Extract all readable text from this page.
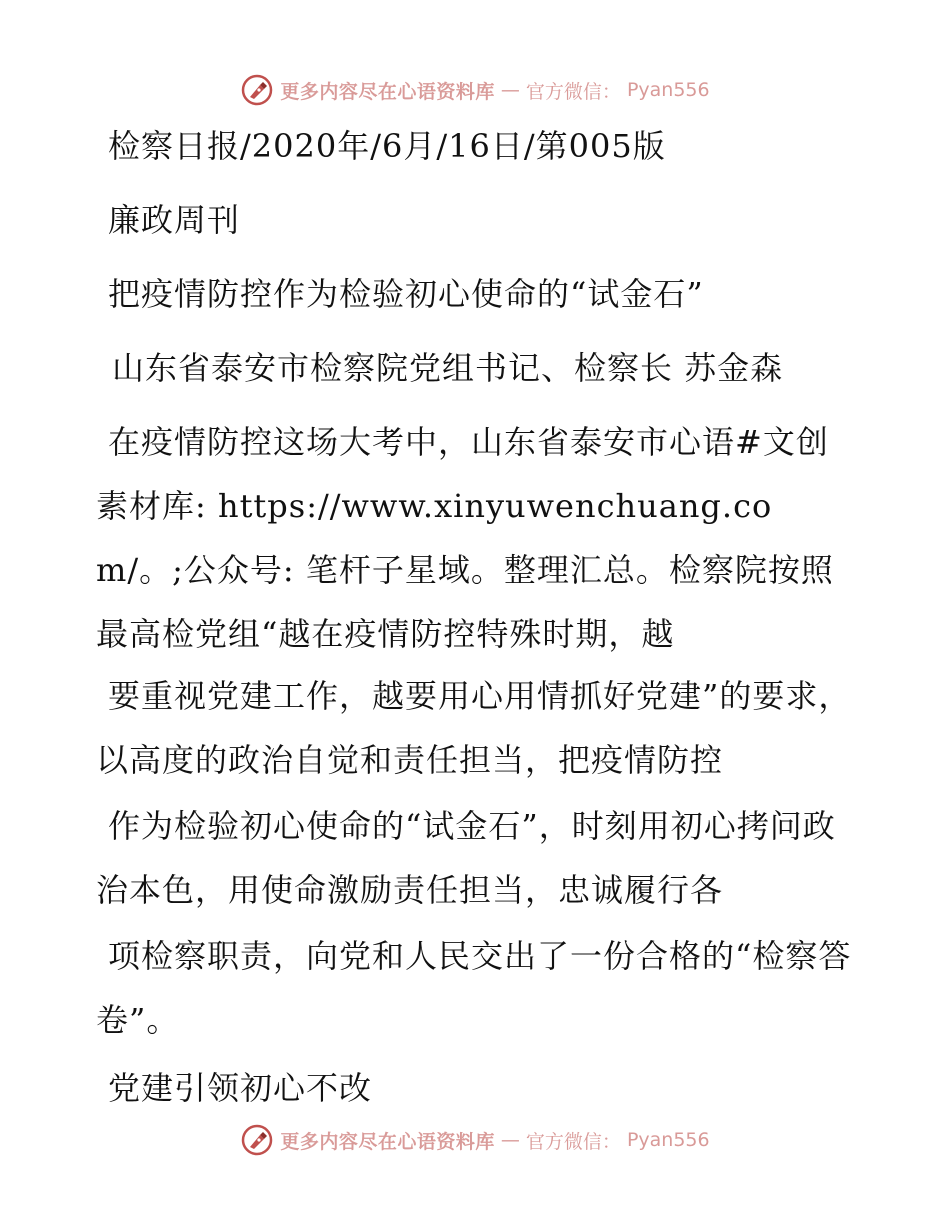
更多内容尽在心语资料库 — 官方微信： Pyan556
检察日报/2020年/6月/16日/第005版
廉政周刊
把疫情防控作为检验初心使命的“试金石”
山东省泰安市检察院党组书记、检察长 苏金森
在疫情防控这场大考中，山东省泰安市心语#文创素材库: https://www.xinyuwenchuang.com/。;公众号: 笔杆子星域。整理汇总。检察院按照最高检党组“越在疫情防控特殊时期，越
要重视党建工作，越要用心用情抓好党建”的要求，以高度的政治自觉和责任担当，把疫情防控
作为检验初心使命的“试金石”，时刻用初心拷问政治本色，用使命激励责任担当，忠诚履行各
项检察职责，向党和人民交出了一份合格的“检察答卷”。
党建引领初心不改
更多内容尽在心语资料库 — 官方微信： Pyan556
